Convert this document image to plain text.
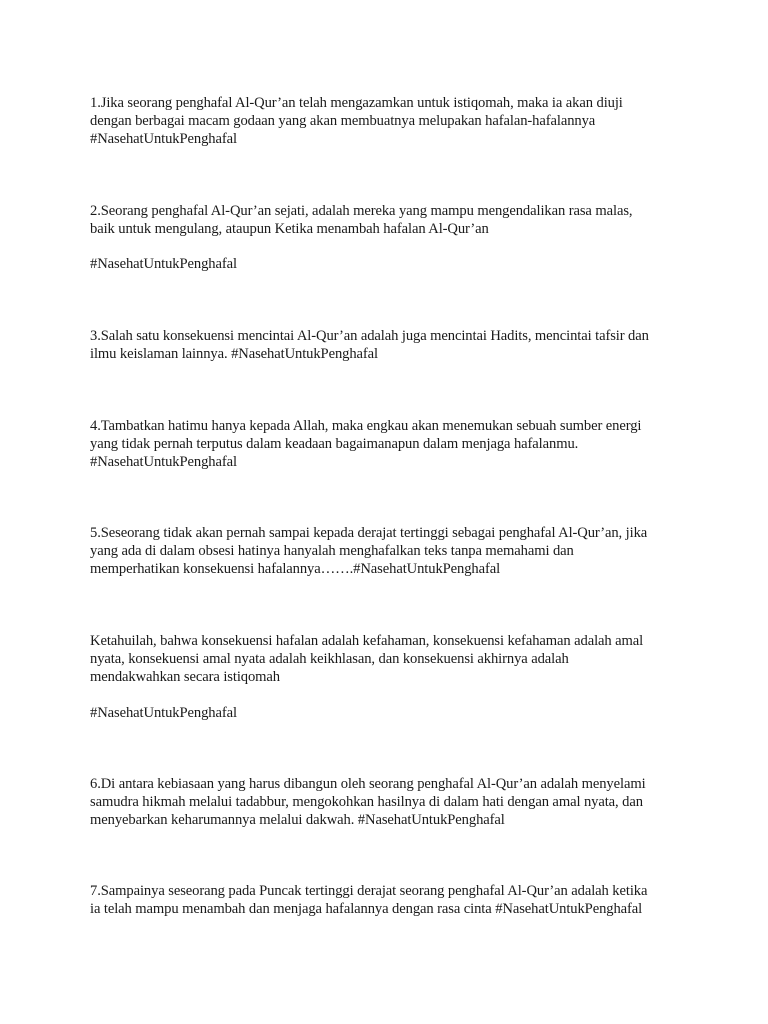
1.Jika seorang penghafal Al-Qur’an telah mengazamkan untuk istiqomah, maka ia akan diuji

dengan berbagai macam godaan yang akan membuatnya melupakan hafalan-hafalannya

#NasehatUntukPenghafal

2.Seorang penghafal Al-Qur’an sejati, adalah mereka yang mampu mengendalikan rasa malas,

baik untuk mengulang, ataupun Ketika menambah hafalan Al-Qur’an

#NasehatUntukPenghafal

3.Salah satu konsekuensi mencintai Al-Qur’an adalah juga mencintai Hadits, mencintai tafsir dan

ilmu keislaman lainnya. #NasehatUntukPenghafal

4.Tambatkan hatimu hanya kepada Allah, maka engkau akan menemukan sebuah sumber energi

yang tidak pernah terputus dalam keadaan bagaimanapun dalam menjaga hafalanmu.

#NasehatUntukPenghafal

5.Seseorang tidak akan pernah sampai kepada derajat tertinggi sebagai penghafal Al-Qur’an, jika

yang ada di dalam obsesi hatinya hanyalah menghafalkan teks tanpa memahami dan

memperhatikan konsekuensi hafalannya…….#NasehatUntukPenghafal

Ketahuilah, bahwa konsekuensi hafalan adalah kefahaman, konsekuensi kefahaman adalah amal

nyata, konsekuensi amal nyata adalah keikhlasan, dan konsekuensi akhirnya adalah

mendakwahkan secara istiqomah

#NasehatUntukPenghafal

6.Di antara kebiasaan yang harus dibangun oleh seorang penghafal Al-Qur’an adalah menyelami

samudra hikmah melalui tadabbur, mengokohkan hasilnya di dalam hati dengan amal nyata, dan

menyebarkan keharumannya melalui dakwah. #NasehatUntukPenghafal

7.Sampainya seseorang pada Puncak tertinggi derajat seorang penghafal Al-Qur’an adalah ketika

ia telah mampu menambah dan menjaga hafalannya dengan rasa cinta #NasehatUntukPenghafal
